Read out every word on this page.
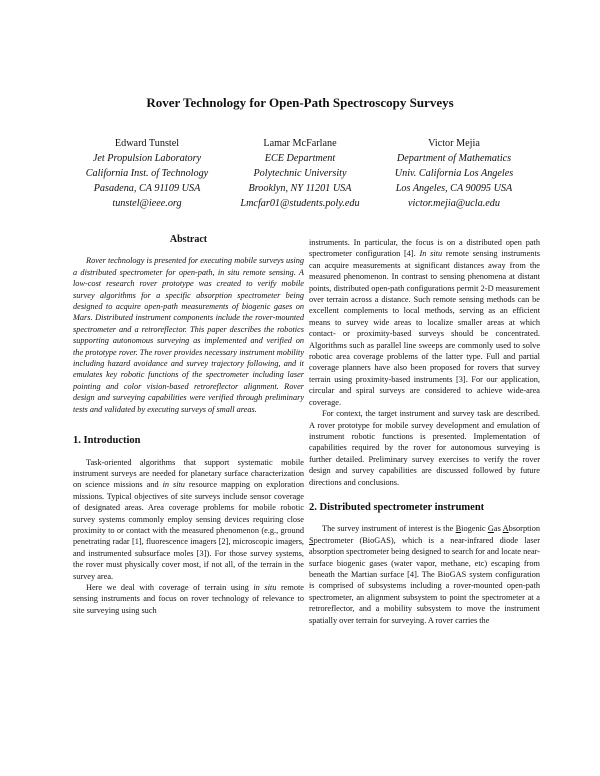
Rover Technology for Open-Path Spectroscopy Surveys
Edward Tunstel
Jet Propulsion Laboratory
California Inst. of Technology
Pasadena, CA 91109 USA
tunstel@ieee.org
Lamar McFarlane
ECE Department
Polytechnic University
Brooklyn, NY 11201 USA
Lmcfar01@students.poly.edu
Victor Mejia
Department of Mathematics
Univ. California Los Angeles
Los Angeles, CA 90095 USA
victor.mejia@ucla.edu
Abstract

Rover technology is presented for executing mobile surveys using a distributed spectrometer for open-path, in situ remote sensing. A low-cost research rover prototype was created to verify mobile survey algorithms for a specific absorption spectrometer being designed to acquire open-path measurements of biogenic gases on Mars. Distributed instrument components include the rover-mounted spectrometer and a retroreflector. This paper describes the robotics supporting autonomous surveying as implemented and verified on the prototype rover. The rover provides necessary instrument mobility including hazard avoidance and survey trajectory following, and it emulates key robotic functions of the spectrometer including laser pointing and color vision-based retroreflector alignment. Rover design and surveying capabilities were verified through preliminary tests and validated by executing surveys of small areas.

1. Introduction

Task-oriented algorithms that support systematic mobile instrument surveys are needed for planetary surface characterization on science missions and in situ resource mapping on exploration missions. Typical objectives of site surveys include sensor coverage of designated areas. Area coverage problems for mobile robotic survey systems commonly employ sensing devices requiring close proximity to or contact with the measured phenomenon (e.g., ground penetrating radar [1], fluorescence imagers [2], microscopic imagers, and instrumented subsurface moles [3]). For those survey systems, the rover must physically cover most, if not all, of the terrain in the survey area.

Here we deal with coverage of terrain using in situ remote sensing instruments and focus on rover technology of relevance to site surveying using such

instruments. In particular, the focus is on a distributed open path spectrometer configuration [4]. In situ remote sensing instruments can acquire measurements at significant distances away from the measured phenomenon. In contrast to sensing phenomena at distant points, distributed open-path configurations permit 2-D measurement over terrain across a distance. Such remote sensing methods can be excellent complements to local methods, serving as an efficient means to survey wide areas to localize smaller areas at which contact- or proximity-based surveys should be concentrated. Algorithms such as parallel line sweeps are commonly used to solve robotic area coverage problems of the latter type. Full and partial coverage planners have also been proposed for rovers that survey terrain using proximity-based instruments [3]. For our application, circular and spiral surveys are considered to achieve wide-area coverage.

For context, the target instrument and survey task are described. A rover prototype for mobile survey development and emulation of instrument robotic functions is presented. Implementation of capabilities required by the rover for autonomous surveying is further detailed. Preliminary survey exercises to verify the rover design and survey capabilities are discussed followed by future directions and conclusions.

2. Distributed spectrometer instrument

The survey instrument of interest is the Biogenic Gas Absorption Spectrometer (BioGAS), which is a near-infrared diode laser absorption spectrometer being designed to search for and locate near-surface biogenic gases (water vapor, methane, etc) escaping from beneath the Martian surface [4]. The BioGAS system configuration is comprised of subsystems including a rover-mounted open-path spectrometer, an alignment subsystem to point the spectrometer at a retroreflector, and a mobility subsystem to move the instrument spatially over terrain for surveying. A rover carries the
